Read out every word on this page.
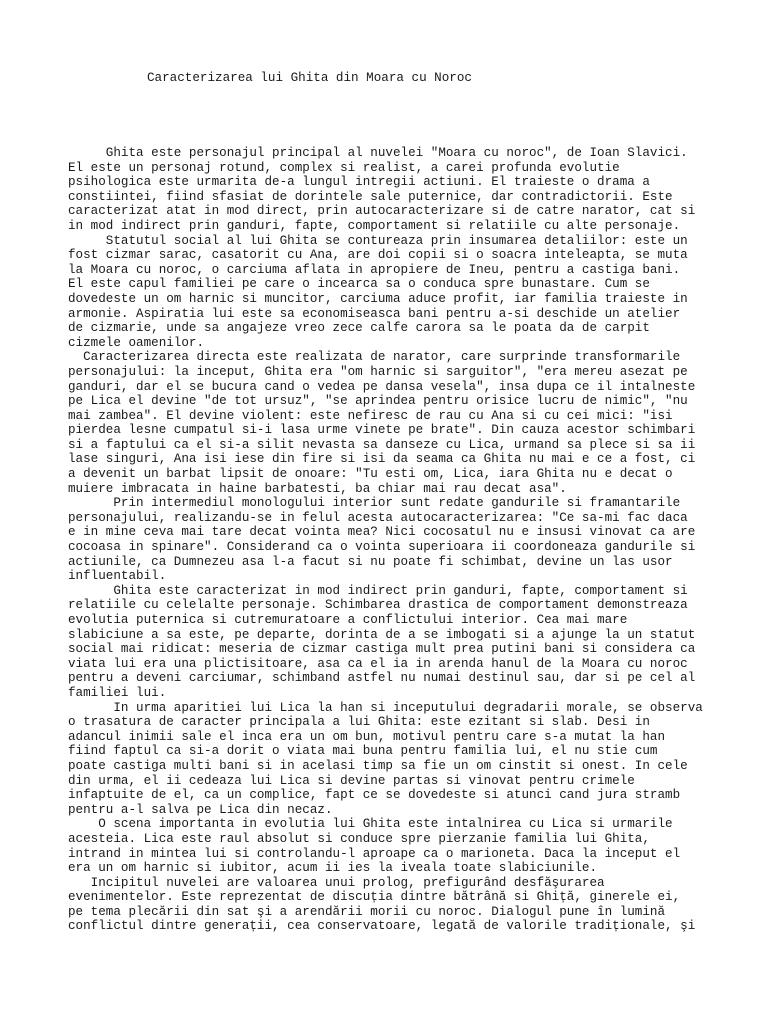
Caracterizarea lui Ghita din Moara cu Noroc
Ghita este personajul principal al nuvelei "Moara cu noroc", de Ioan Slavici.
El este un personaj rotund, complex si realist, a carei profunda evolutie
psihologica este urmarita de-a lungul intregii actiuni. El traieste o drama a
constiintei, fiind sfasiat de dorintele sale puternice, dar contradictorii. Este
caracterizat atat in mod direct, prin autocaracterizare si de catre narator, cat si
in mod indirect prin ganduri, fapte, comportament si relatiile cu alte personaje.
Statutul social al lui Ghita se contureaza prin insumarea detaliilor: este un
fost cizmar sarac, casatorit cu Ana, are doi copii si o soacra inteleapta, se muta
la Moara cu noroc, o carciuma aflata in apropiere de Ineu, pentru a castiga bani.
El este capul familiei pe care o incearca sa o conduca spre bunastare. Cum se
dovedeste un om harnic si muncitor, carciuma aduce profit, iar familia traieste in
armonie. Aspiratia lui este sa economiseasca bani pentru a-si deschide un atelier
de cizmarie, unde sa angajeze vreo zece calfe carora sa le poata da de carpit
cizmele oamenilor.
Caracterizarea directa este realizata de narator, care surprinde transformarile
personajului: la inceput, Ghita era "om harnic si sarguitor", "era mereu asezat pe
ganduri, dar el se bucura cand o vedea pe dansa vesela", insa dupa ce il intalneste
pe Lica el devine "de tot ursuz", "se aprindea pentru orisice lucru de nimic", "nu
mai zambea". El devine violent: este nefiresc de rau cu Ana si cu cei mici: "isi
pierdea lesne cumpatul si-i lasa urme vinete pe brate". Din cauza acestor schimbari
si a faptului ca el si-a silit nevasta sa danseze cu Lica, urmand sa plece si sa ii
lase singuri, Ana isi iese din fire si isi da seama ca Ghita nu mai e ce a fost, ci
a devenit un barbat lipsit de onoare: "Tu esti om, Lica, iara Ghita nu e decat o
muiere imbracata in haine barbatesti, ba chiar mai rau decat asa".
Prin intermediul monologului interior sunt redate gandurile si framantarile
personajului, realizandu-se in felul acesta autocaracterizarea: "Ce sa-mi fac daca
e in mine ceva mai tare decat vointa mea? Nici cocosatul nu e insusi vinovat ca are
cocoasa in spinare". Considerand ca o vointa superioara ii coordoneaza gandurile si
actiunile, ca Dumnezeu asa l-a facut si nu poate fi schimbat, devine un las usor
influentabil.
Ghita este caracterizat in mod indirect prin ganduri, fapte, comportament si
relatiile cu celelalte personaje. Schimbarea drastica de comportament demonstreaza
evolutia puternica si cutremuratoare a conflictului interior. Cea mai mare
slabiciune a sa este, pe departe, dorinta de a se imbogati si a ajunge la un statut
social mai ridicat: meseria de cizmar castiga mult prea putini bani si considera ca
viata lui era una plictisitoare, asa ca el ia in arenda hanul de la Moara cu noroc
pentru a deveni carciumar, schimband astfel nu numai destinul sau, dar si pe cel al
familiei lui.
In urma aparitiei lui Lica la han si inceputului degradarii morale, se observa
o trasatura de caracter principala a lui Ghita: este ezitant si slab. Desi in
adancul inimii sale el inca era un om bun, motivul pentru care s-a mutat la han
fiind faptul ca si-a dorit o viata mai buna pentru familia lui, el nu stie cum
poate castiga multi bani si in acelasi timp sa fie un om cinstit si onest. In cele
din urma, el ii cedeaza lui Lica si devine partas si vinovat pentru crimele
infaptuite de el, ca un complice, fapt ce se dovedeste si atunci cand jura stramb
pentru a-l salva pe Lica din necaz.
O scena importanta in evolutia lui Ghita este intalnirea cu Lica si urmarile
acesteia. Lica este raul absolut si conduce spre pierzanie familia lui Ghita,
intrand in mintea lui si controlandu-l aproape ca o marioneta. Daca la inceput el
era un om harnic si iubitor, acum ii ies la iveala toate slabiciunile.
Incipitul nuvelei are valoarea unui prolog, prefigurând desfăşurarea
evenimentelor. Este reprezentat de discuția dintre bătrână si Ghiță, ginerele ei,
pe tema plecării din sat şi a arendării morii cu noroc. Dialogul pune în lumină
conflictul dintre generații, cea conservatoare, legată de valorile tradiționale, şi
